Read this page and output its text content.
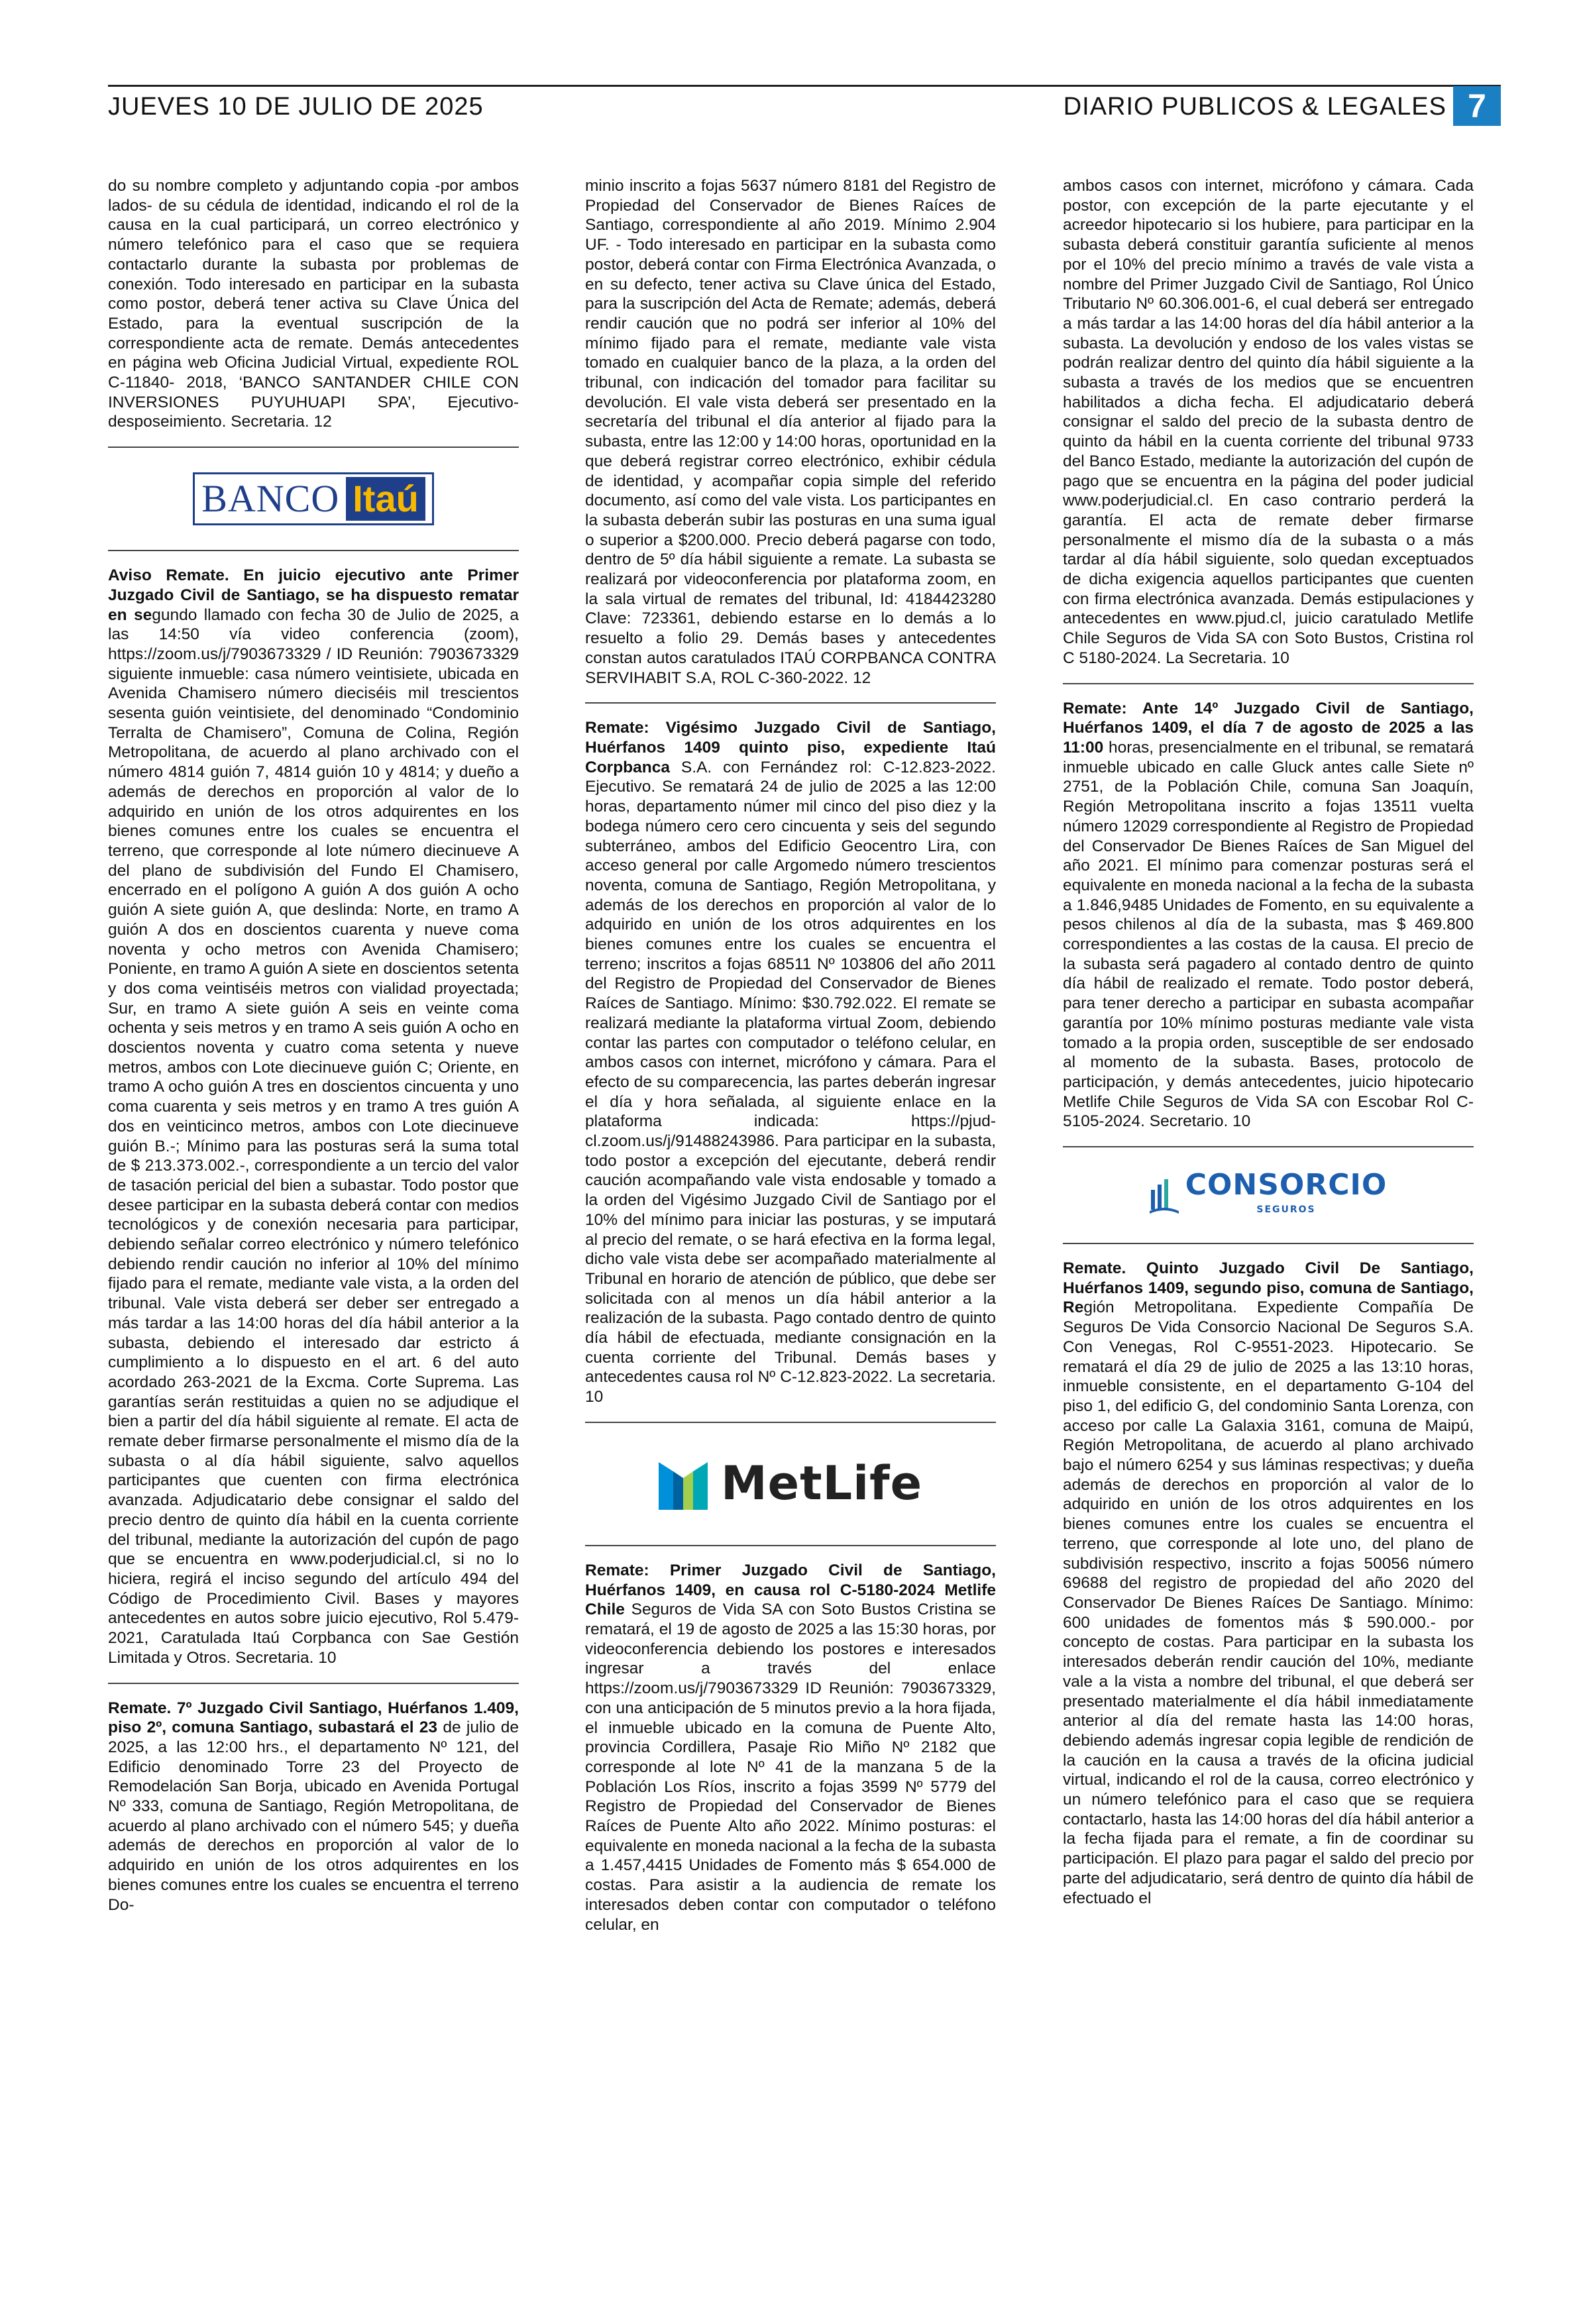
JUEVES 10 DE JULIO DE 2025	DIARIO PUBLICOS & LEGALES 7

do su nombre completo y adjuntando copia -por ambos lados- de su cédula de identidad, indicando el rol de la causa en la cual participará, un correo electrónico y número telefónico para el caso que se requiera contactarlo durante la subasta por problemas de conexión. Todo interesado en participar en la subasta como postor, deberá tener activa su Clave Única del Estado, para la eventual suscripción de la correspondiente acta de remate. Demás antecedentes en página web Oficina Judicial Virtual, expediente ROL C-11840- 2018, ‘BANCO SANTANDER CHILE CON INVERSIONES PUYUHUAPI SPA’, Ejecutivo- desposeimiento. Secretaria. 12

BANCO Itaú

Aviso Remate. En juicio ejecutivo ante Primer Juzgado Civil de Santiago, se ha dispuesto rematar en segundo llamado con fecha 30 de Julio de 2025, a las 14:50 vía video conferencia (zoom), https://zoom.us/j/7903673329 / ID Reunión: 7903673329 siguiente inmueble: casa número veintisiete, ubicada en Avenida Chamisero número dieciséis mil trescientos sesenta guión veintisiete, del denominado “Condominio Terralta de Chamisero”, Comuna de Colina, Región Metropolitana, de acuerdo al plano archivado con el número 4814 guión 7, 4814 guión 10 y 4814; y dueño a además de derechos en proporción al valor de lo adquirido en unión de los otros adquirentes en los bienes comunes entre los cuales se encuentra el terreno, que corresponde al lote número diecinueve A del plano de subdivisión del Fundo El Chamisero, encerrado en el polígono A guión A dos guión A ocho guión A siete guión A, que deslinda: Norte, en tramo A guión A dos en doscientos cuarenta y nueve coma noventa y ocho metros con Avenida Chamisero; Poniente, en tramo A guión A siete en doscientos setenta y dos coma veintiséis metros con vialidad proyectada; Sur, en tramo A siete guión A seis en veinte coma ochenta y seis metros y en tramo A seis guión A ocho en doscientos noventa y cuatro coma setenta y nueve metros, ambos con Lote diecinueve guión C; Oriente, en tramo A ocho guión A tres en doscientos cincuenta y uno coma cuarenta y seis metros y en tramo A tres guión A dos en veinticinco metros, ambos con Lote diecinueve guión B.-; Mínimo para las posturas será la suma total de $ 213.373.002.-, correspondiente a un tercio del valor de tasación pericial del bien a subastar. Todo postor que desee participar en la subasta deberá contar con medios tecnológicos y de conexión necesaria para participar, debiendo señalar correo electrónico y número telefónico debiendo rendir caución no inferior al 10% del mínimo fijado para el remate, mediante vale vista, a la orden del tribunal. Vale vista deberá ser deber ser entregado a más tardar a las 14:00 horas del día hábil anterior a la subasta, debiendo el interesado dar estricto á cumplimiento a lo dispuesto en el art. 6 del auto acordado 263-2021 de la Excma. Corte Suprema. Las garantías serán restituidas a quien no se adjudique el bien a partir del día hábil siguiente al remate. El acta de remate deber firmarse personalmente el mismo día de la subasta o al día hábil siguiente, salvo aquellos participantes que cuenten con firma electrónica avanzada. Adjudicatario debe consignar el saldo del precio dentro de quinto día hábil en la cuenta corriente del tribunal, mediante la autorización del cupón de pago que se encuentra en www.poderjudicial.cl, si no lo hiciera, regirá el inciso segundo del artículo 494 del Código de Procedimiento Civil. Bases y mayores antecedentes en autos sobre juicio ejecutivo, Rol 5.479-2021, Caratulada Itaú Corpbanca con Sae Gestión Limitada y Otros. Secretaria. 10

Remate. 7º Juzgado Civil Santiago, Huérfanos 1.409, piso 2º, comuna Santiago, subastará el 23 de julio de 2025, a las 12:00 hrs., el departamento Nº 121, del Edificio denominado Torre 23 del Proyecto de Remodelación San Borja, ubicado en Avenida Portugal Nº 333, comuna de Santiago, Región Metropolitana, de acuerdo al plano archivado con el número 545; y dueña además de derechos en proporción al valor de lo adquirido en unión de los otros adquirentes en los bienes comunes entre los cuales se encuentra el terreno Do-

minio inscrito a fojas 5637 número 8181 del Registro de Propiedad del Conservador de Bienes Raíces de Santiago, correspondiente al año 2019. Mínimo 2.904 UF. - Todo interesado en participar en la subasta como postor, deberá contar con Firma Electrónica Avanzada, o en su defecto, tener activa su Clave única del Estado, para la suscripción del Acta de Remate; además, deberá rendir caución que no podrá ser inferior al 10% del mínimo fijado para el remate, mediante vale vista tomado en cualquier banco de la plaza, a la orden del tribunal, con indicación del tomador para facilitar su devolución. El vale vista deberá ser presentado en la secretaría del tribunal el día anterior al fijado para la subasta, entre las 12:00 y 14:00 horas, oportunidad en la que deberá registrar correo electrónico, exhibir cédula de identidad, y acompañar copia simple del referido documento, así como del vale vista. Los participantes en la subasta deberán subir las posturas en una suma igual o superior a $200.000. Precio deberá pagarse con todo, dentro de 5º día hábil siguiente a remate. La subasta se realizará por videoconferencia por plataforma zoom, en la sala virtual de remates del tribunal, Id: 4184423280 Clave: 723361, debiendo estarse en lo demás a lo resuelto a folio 29. Demás bases y antecedentes constan autos caratulados ITAÚ CORPBANCA CONTRA SERVIHABIT S.A, ROL C-360-2022. 12

Remate: Vigésimo Juzgado Civil de Santiago, Huérfanos 1409 quinto piso, expediente Itaú Corpbanca S.A. con Fernández rol: C-12.823-2022. Ejecutivo. Se rematará 24 de julio de 2025 a las 12:00 horas, departamento númer mil cinco del piso diez y la bodega número cero cero cincuenta y seis del segundo subterráneo, ambos del Edificio Geocentro Lira, con acceso general por calle Argomedo número trescientos noventa, comuna de Santiago, Región Metropolitana, y además de los derechos en proporción al valor de lo adquirido en unión de los otros adquirentes en los bienes comunes entre los cuales se encuentra el terreno; inscritos a fojas 68511 Nº 103806 del año 2011 del Registro de Propiedad del Conservador de Bienes Raíces de Santiago. Mínimo: $30.792.022. El remate se realizará mediante la plataforma virtual Zoom, debiendo contar las partes con computador o teléfono celular, en ambos casos con internet, micrófono y cámara. Para el efecto de su comparecencia, las partes deberán ingresar el día y hora señalada, al siguiente enlace en la plataforma indicada: https://pjud-cl.zoom.us/j/91488243986. Para participar en la subasta, todo postor a excepción del ejecutante, deberá rendir caución acompañando vale vista endosable y tomado a la orden del Vigésimo Juzgado Civil de Santiago por el 10% del mínimo para iniciar las posturas, y se imputará al precio del remate, o se hará efectiva en la forma legal, dicho vale vista debe ser acompañado materialmente al Tribunal en horario de atención de público, que debe ser solicitada con al menos un día hábil anterior a la realización de la subasta. Pago contado dentro de quinto día hábil de efectuada, mediante consignación en la cuenta corriente del Tribunal. Demás bases y antecedentes causa rol Nº C-12.823-2022. La secretaria. 10

MetLife

Remate: Primer Juzgado Civil de Santiago, Huérfanos 1409, en causa rol C-5180-2024 Metlife Chile Seguros de Vida SA con Soto Bustos Cristina se rematará, el 19 de agosto de 2025 a las 15:30 horas, por videoconferencia debiendo los postores e interesados ingresar a través del enlace https://zoom.us/j/7903673329 ID Reunión: 7903673329, con una anticipación de 5 minutos previo a la hora fijada, el inmueble ubicado en la comuna de Puente Alto, provincia Cordillera, Pasaje Rio Miño Nº 2182 que corresponde al lote Nº 41 de la manzana 5 de la Población Los Ríos, inscrito a fojas 3599 Nº 5779 del Registro de Propiedad del Conservador de Bienes Raíces de Puente Alto año 2022. Mínimo posturas: el equivalente en moneda nacional a la fecha de la subasta a 1.457,4415 Unidades de Fomento más $ 654.000 de costas. Para asistir a la audiencia de remate los interesados deben contar con computador o teléfono celular, en

ambos casos con internet, micrófono y cámara. Cada postor, con excepción de la parte ejecutante y el acreedor hipotecario si los hubiere, para participar en la subasta deberá constituir garantía suficiente al menos por el 10% del precio mínimo a través de vale vista a nombre del Primer Juzgado Civil de Santiago, Rol Único Tributario Nº 60.306.001-6, el cual deberá ser entregado a más tardar a las 14:00 horas del día hábil anterior a la subasta. La devolución y endoso de los vales vistas se podrán realizar dentro del quinto día hábil siguiente a la subasta a través de los medios que se encuentren habilitados a dicha fecha. El adjudicatario deberá consignar el saldo del precio de la subasta dentro de quinto da hábil en la cuenta corriente del tribunal 9733 del Banco Estado, mediante la autorización del cupón de pago que se encuentra en la página del poder judicial www.poderjudicial.cl. En caso contrario perderá la garantía. El acta de remate deber firmarse personalmente el mismo día de la subasta o a más tardar al día hábil siguiente, solo quedan exceptuados de dicha exigencia aquellos participantes que cuenten con firma electrónica avanzada. Demás estipulaciones y antecedentes en www.pjud.cl, juicio caratulado Metlife Chile Seguros de Vida SA con Soto Bustos, Cristina rol C 5180-2024. La Secretaria. 10

Remate: Ante 14º Juzgado Civil de Santiago, Huérfanos 1409, el día 7 de agosto de 2025 a las 11:00 horas, presencialmente en el tribunal, se rematará inmueble ubicado en calle Gluck antes calle Siete nº 2751, de la Población Chile, comuna San Joaquín, Región Metropolitana inscrito a fojas 13511 vuelta número 12029 correspondiente al Registro de Propiedad del Conservador De Bienes Raíces de San Miguel del año 2021. El mínimo para comenzar posturas será el equivalente en moneda nacional a la fecha de la subasta a 1.846,9485 Unidades de Fomento, en su equivalente a pesos chilenos al día de la subasta, mas $ 469.800 correspondientes a las costas de la causa. El precio de la subasta será pagadero al contado dentro de quinto día hábil de realizado el remate. Todo postor deberá, para tener derecho a participar en subasta acompañar garantía por 10% mínimo posturas mediante vale vista tomado a la propia orden, susceptible de ser endosado al momento de la subasta. Bases, protocolo de participación, y demás antecedentes, juicio hipotecario Metlife Chile Seguros de Vida SA con Escobar Rol C-5105-2024. Secretario. 10

CONSORCIO
SEGUROS

Remate. Quinto Juzgado Civil De Santiago, Huérfanos 1409, segundo piso, comuna de Santiago, Región Metropolitana. Expediente Compañía De Seguros De Vida Consorcio Nacional De Seguros S.A. Con Venegas, Rol C-9551-2023. Hipotecario. Se rematará el día 29 de julio de 2025 a las 13:10 horas, inmueble consistente, en el departamento G-104 del piso 1, del edificio G, del condominio Santa Lorenza, con acceso por calle La Galaxia 3161, comuna de Maipú, Región Metropolitana, de acuerdo al plano archivado bajo el número 6254 y sus láminas respectivas; y dueña además de derechos en proporción al valor de lo adquirido en unión de los otros adquirentes en los bienes comunes entre los cuales se encuentra el terreno, que corresponde al lote uno, del plano de subdivisión respectivo, inscrito a fojas 50056 número 69688 del registro de propiedad del año 2020 del Conservador De Bienes Raíces De Santiago. Mínimo: 600 unidades de fomentos más $ 590.000.- por concepto de costas. Para participar en la subasta los interesados deberán rendir caución del 10%, mediante vale a la vista a nombre del tribunal, el que deberá ser presentado materialmente el día hábil inmediatamente anterior al día del remate hasta las 14:00 horas, debiendo además ingresar copia legible de rendición de la caución en la causa a través de la oficina judicial virtual, indicando el rol de la causa, correo electrónico y un número telefónico para el caso que se requiera contactarlo, hasta las 14:00 horas del día hábil anterior a la fecha fijada para el remate, a fin de coordinar su participación. El plazo para pagar el saldo del precio por parte del adjudicatario, será dentro de quinto día hábil de efectuado el
